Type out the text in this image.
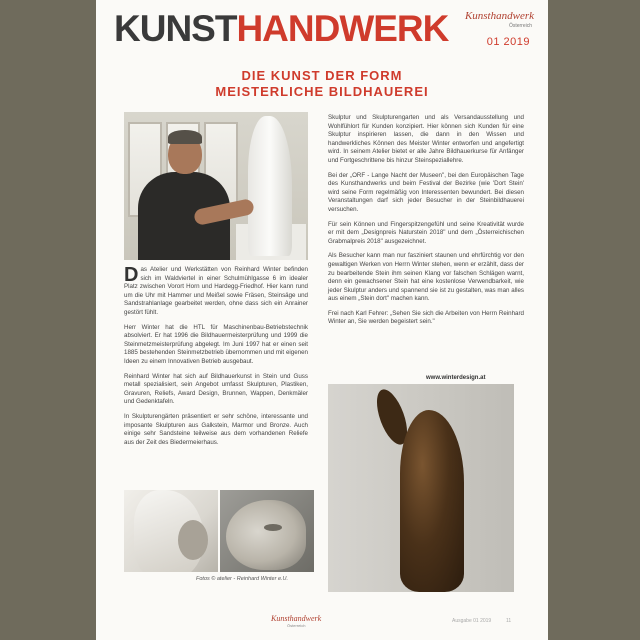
KUNSTHANDWERK Kunsthandwerk
Österreich
01 2019
DIE KUNST DER FORM
MEISTERLICHE BILDHAUEREI

Das Atelier und Werkstätten von Reinhard Winter befinden sich im Waldviertel in einer Schulmühlgasse 6 im idealer Platz zwischen Vorort Horn und Hardegg-Friedhof. Hier kann rund um die Uhr mit Hammer und Meißel sowie Fräsen, Steinsäge und Sandstrahlanlage gearbeitet werden, ohne dass sich ein Anrainer gestört fühlt.

Herr Winter hat die HTL für Maschinenbau-Betriebstechnik absolviert. Er hat 1996 die Bildhauermeisterprüfung und 1999 die Steinmetzmeisterprüfung abgelegt. Im Juni 1997 hat er einen seit 1885 bestehenden Steinmetzbetrieb übernommen und mit eigenen Ideen zu einem Innovativen Betrieb ausgebaut.

Reinhard Winter hat sich auf Bildhauerkunst in Stein und Guss metall spezialisiert, sein Angebot umfasst Skulpturen, Plastiken, Gravuren, Reliefs, Award Design, Brunnen, Wappen, Denkmäler und Gedenktafeln.

In Skulpturengärten präsentiert er sehr schöne, interessante und imposante Skulpturen aus Galkstein, Marmor und Bronze. Auch einige sehr Sandsteine teilweise aus dem vorhandenen Reliefe aus der Zeit des Biedermeierhaus.

Skulptur und Skulpturengarten und als Versandausstellung und Wohlfühlort für Kunden konzipiert. Hier können sich Kunden für eine Skulptur inspirieren lassen, die dann in den Wissen und handwerkliches Können des Meister Winter entworfen und angefertigt wird. In seinem Atelier bietet er alle Jahre Bildhauerkurse für Anfänger und Fortgeschrittene bis hinzur Steinspeziallehre.

Bei der „ORF - Lange Nacht der Museen", bei den Europäischen Tage des Kunsthandwerks und beim Festival der Bezirke (wie 'Dort Stein' wird seine Form regelmäßig von Interessenten bewundert. Bei diesen Veranstaltungen darf sich jeder Besucher in der Steinbildhauerei versuchen.

Für sein Können und Fingerspitzengefühl und seine Kreativität wurde er mit dem „Designpreis Naturstein 2018" und dem „Österreichischen Grabmalpreis 2018" ausgezeichnet.

Als Besucher kann man nur fasziniert staunen und ehrfürchtig vor den gewaltigen Werken von Herrn Winter stehen, wenn er erzählt, dass der zu bearbeitende Stein ihm seinen Klang vor falschen Schlägen warnt, denn ein gewachsener Stein hat eine kostenlose Verwendbarkeit, wie jeder Skulptur anders und spannend sie ist zu gestalten, was man alles aus einem „Stein dort" machen kann.

Frei nach Karl Fehrer: „Sehen Sie sich die Arbeiten von Herrn Reinhard Winter an, Sie werden begeistert sein."

www.winterdesign.at
Fotos © atelier - Reinhard Winter e.U.
Kunsthandwerk
Österreich
Ausgabe 01 2019	11
